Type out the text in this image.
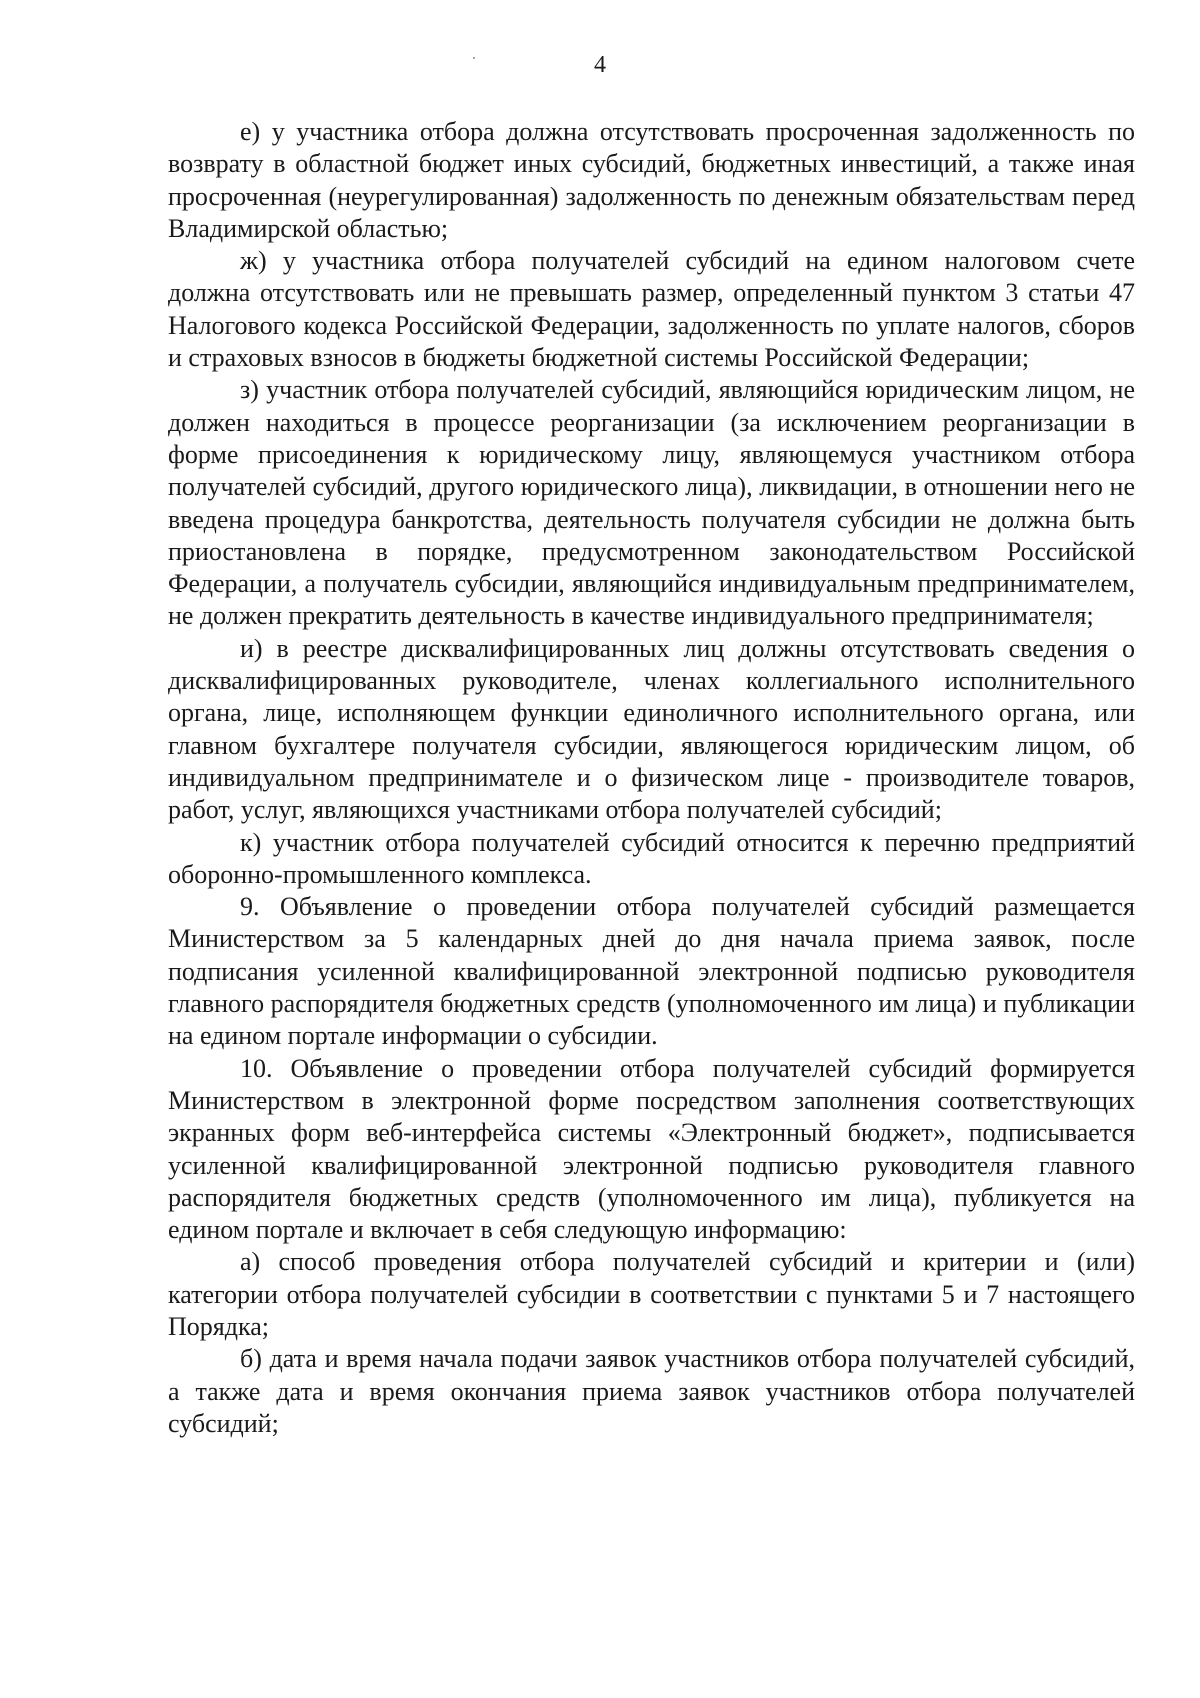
4

е) у участника отбора должна отсутствовать просроченная задолженность по возврату в областной бюджет иных субсидий, бюджетных инвестиций, а также иная просроченная (неурегулированная) задолженность по денежным обязательствам перед Владимирской областью;

ж) у участника отбора получателей субсидий на едином налоговом счете должна отсутствовать или не превышать размер, определенный пунктом 3 статьи 47 Налогового кодекса Российской Федерации, задолженность по уплате налогов, сборов и страховых взносов в бюджеты бюджетной системы Российской Федерации;

з) участник отбора получателей субсидий, являющийся юридическим лицом, не должен находиться в процессе реорганизации (за исключением реорганизации в форме присоединения к юридическому лицу, являющемуся участником отбора получателей субсидий, другого юридического лица), ликвидации, в отношении него не введена процедура банкротства, деятельность получателя субсидии не должна быть приостановлена в порядке, предусмотренном законодательством Российской Федерации, а получатель субсидии, являющийся индивидуальным предпринимателем, не должен прекратить деятельность в качестве индивидуального предпринимателя;

и) в реестре дисквалифицированных лиц должны отсутствовать сведения о дисквалифицированных руководителе, членах коллегиального исполнительного органа, лице, исполняющем функции единоличного исполнительного органа, или главном бухгалтере получателя субсидии, являющегося юридическим лицом, об индивидуальном предпринимателе и о физическом лице - производителе товаров, работ, услуг, являющихся участниками отбора получателей субсидий;

к) участник отбора получателей субсидий относится к перечню предприятий оборонно-промышленного комплекса.

9. Объявление о проведении отбора получателей субсидий размещается Министерством за 5 календарных дней до дня начала приема заявок, после подписания усиленной квалифицированной электронной подписью руководителя главного распорядителя бюджетных средств (уполномоченного им лица) и публикации на едином портале информации о субсидии.

10. Объявление о проведении отбора получателей субсидий формируется Министерством в электронной форме посредством заполнения соответствующих экранных форм веб-интерфейса системы «Электронный бюджет», подписывается усиленной квалифицированной электронной подписью руководителя главного распорядителя бюджетных средств (уполномоченного им лица), публикуется на едином портале и включает в себя следующую информацию:

а) способ проведения отбора получателей субсидий и критерии и (или) категории отбора получателей субсидии в соответствии с пунктами 5 и 7 настоящего Порядка;

б) дата и время начала подачи заявок участников отбора получателей субсидий, а также дата и время окончания приема заявок участников отбора получателей субсидий;
